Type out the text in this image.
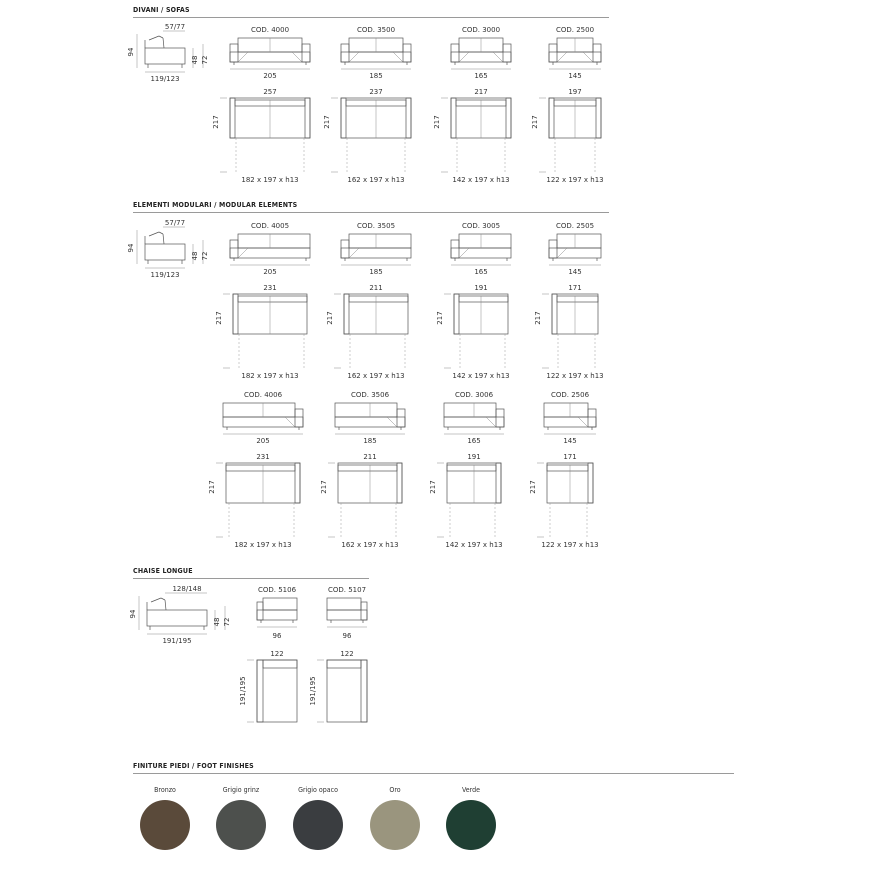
DIVANI / SOFAS
ELEMENTI MODULARI / MODULAR ELEMENTS
CHAISE LONGUE
FINITURE PIEDI / FOOT FINISHES
94
48 72
57/77
119/123
COD. 4000
205
257
217
182 x 197 x h13
COD. 3500
185
237
217
162 x 197 x h13
COD. 3000
165
217
217
142 x 197 x h13
COD. 2500
145
197
217
122 x 197 x h13
94
48 72
57/77
119/123
COD. 4005
205
231
217
182 x 197 x h13
COD. 3505
185
211
217
162 x 197 x h13
COD. 3005
165
191
217
142 x 197 x h13
COD. 2505
145
171
217
122 x 197 x h13
COD. 4006
205
231
217
182 x 197 x h13
COD. 3506
185
211
217
162 x 197 x h13
COD. 3006
165
191
217
142 x 197 x h13
COD. 2506
145
171
217
122 x 197 x h13
94
48 72
128/148
191/195
COD. 5106
96
122
191/195
COD. 5107
96
122
191/195
Bronzo	Grigio grinz	Grigio opaco	Oro	Verde
